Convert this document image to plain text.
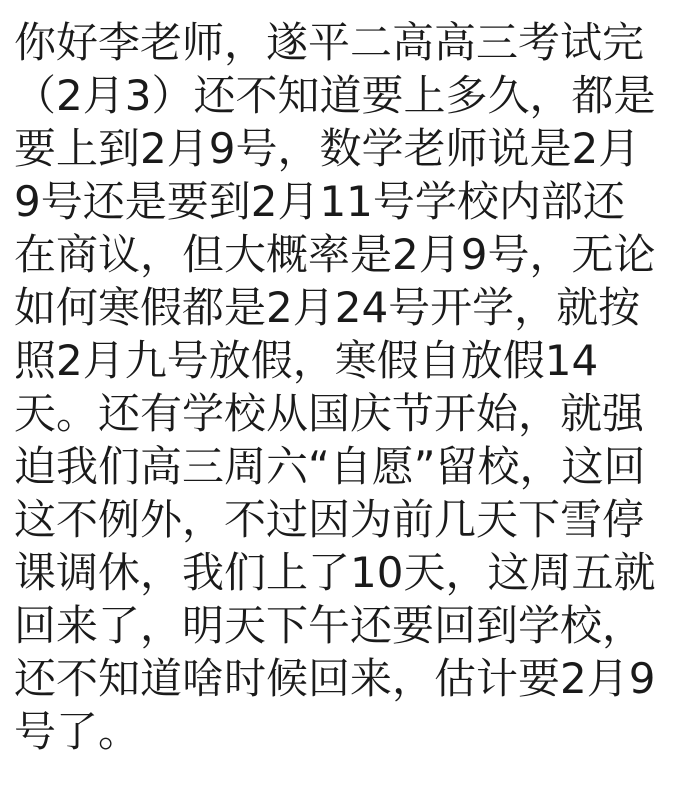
你好李老师，遂平二高高三考试完（2月3）还不知道要上多久，都是要上到2月9号，数学老师说是2月9号还是要到2月11号学校内部还在商议，但大概率是2月9号，无论如何寒假都是2月24号开学，就按照2月九号放假，寒假自放假14天。还有学校从国庆节开始，就强迫我们高三周六“自愿”留校，这回这不例外，不过因为前几天下雪停课调休，我们上了10天，这周五就回来了，明天下午还要回到学校，还不知道啥时候回来，估计要2月9号了。
